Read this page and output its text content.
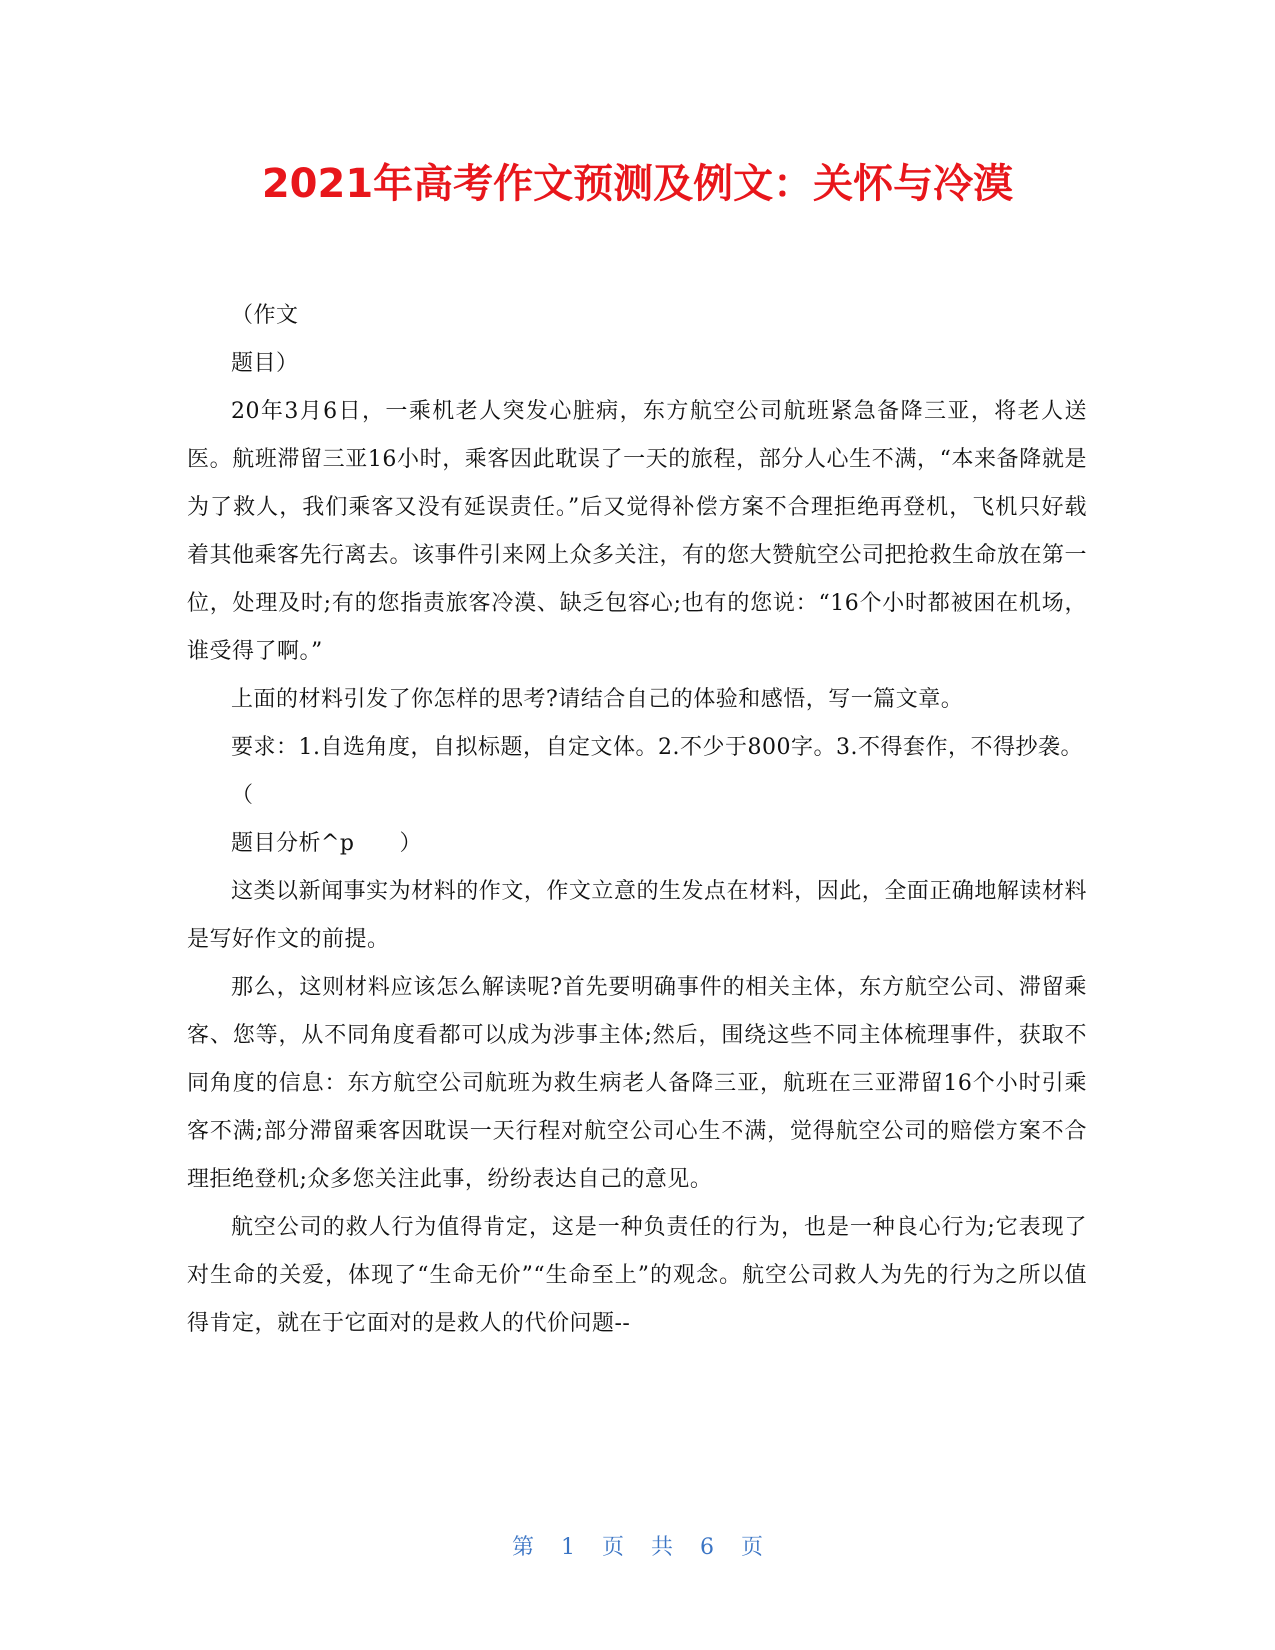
2021年高考作文预测及例文：关怀与冷漠

（作文

题目）

20年3月6日，一乘机老人突发心脏病，东方航空公司航班紧急备降三亚，将老人送医。航班滞留三亚16小时，乘客因此耽误了一天的旅程，部分人心生不满，“本来备降就是为了救人，我们乘客又没有延误责任。”后又觉得补偿方案不合理拒绝再登机，飞机只好载着其他乘客先行离去。该事件引来网上众多关注，有的您大赞航空公司把抢救生命放在第一位，处理及时;有的您指责旅客冷漠、缺乏包容心;也有的您说：“16个小时都被困在机场，谁受得了啊。”

上面的材料引发了你怎样的思考?请结合自己的体验和感悟，写一篇文章。

要求：1.自选角度，自拟标题，自定文体。2.不少于800字。3.不得套作，不得抄袭。

（

题目分析^p　　）

这类以新闻事实为材料的作文，作文立意的生发点在材料，因此，全面正确地解读材料是写好作文的前提。

那么，这则材料应该怎么解读呢?首先要明确事件的相关主体，东方航空公司、滞留乘客、您等，从不同角度看都可以成为涉事主体;然后，围绕这些不同主体梳理事件，获取不同角度的信息：东方航空公司航班为救生病老人备降三亚，航班在三亚滞留16个小时引乘客不满;部分滞留乘客因耽误一天行程对航空公司心生不满，觉得航空公司的赔偿方案不合理拒绝登机;众多您关注此事，纷纷表达自己的意见。

航空公司的救人行为值得肯定，这是一种负责任的行为，也是一种良心行为;它表现了对生命的关爱，体现了“生命无价”“生命至上”的观念。航空公司救人为先的行为之所以值得肯定，就在于它面对的是救人的代价问题--

第 1 页 共 6 页
